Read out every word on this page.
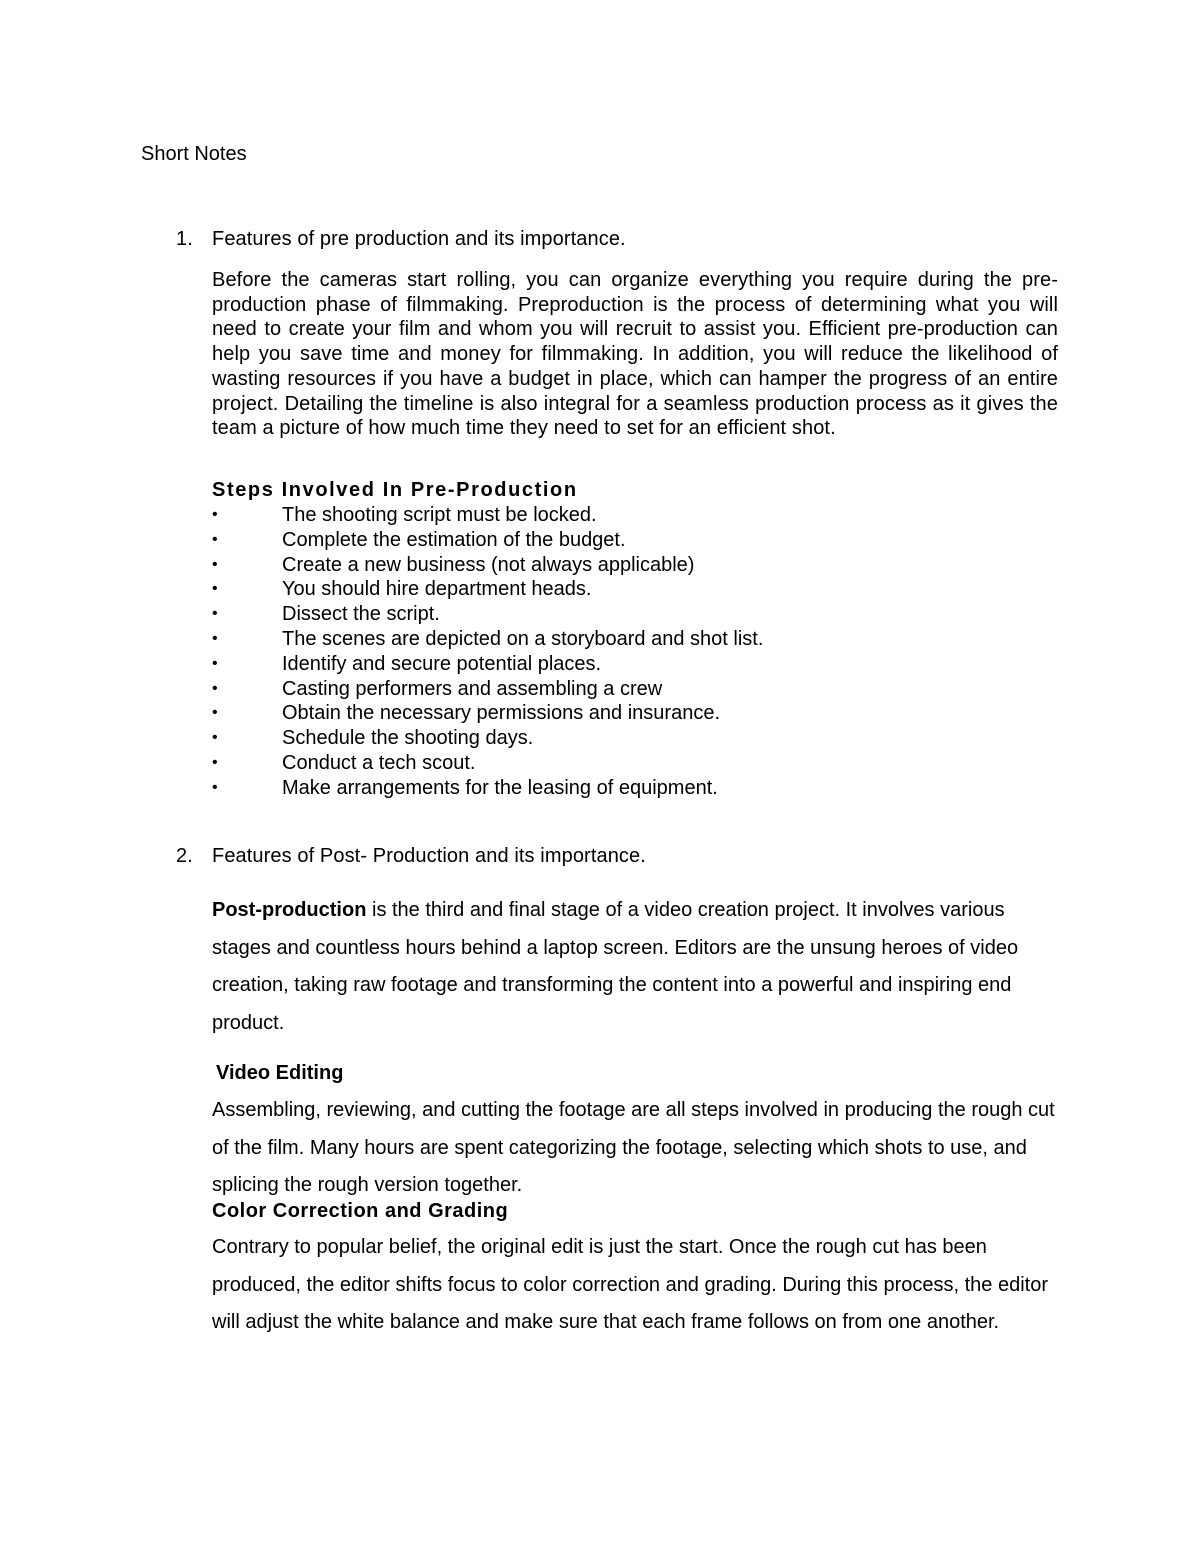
Short Notes
1. Features of pre production and its importance.
Before the cameras start rolling, you can organize everything you require during the pre-production phase of filmmaking. Preproduction is the process of determining what you will need to create your film and whom you will recruit to assist you. Efficient pre-production can help you save time and money for filmmaking. In addition, you will reduce the likelihood of wasting resources if you have a budget in place, which can hamper the progress of an entire project. Detailing the timeline is also integral for a seamless production process as it gives the team a picture of how much time they need to set for an efficient shot.
Steps Involved In Pre-Production
•	The shooting script must be locked.
•	Complete the estimation of the budget.
•	Create a new business (not always applicable)
•	You should hire department heads.
•	Dissect the script.
•	The scenes are depicted on a storyboard and shot list.
•	Identify and secure potential places.
•	Casting performers and assembling a crew
•	Obtain the necessary permissions and insurance.
•	Schedule the shooting days.
•	Conduct a tech scout.
•	Make arrangements for the leasing of equipment.
2. Features of Post- Production and its importance.
Post-production is the third and final stage of a video creation project. It involves various stages and countless hours behind a laptop screen. Editors are the unsung heroes of video creation, taking raw footage and transforming the content into a powerful and inspiring end product.
Video Editing
Assembling, reviewing, and cutting the footage are all steps involved in producing the rough cut of the film. Many hours are spent categorizing the footage, selecting which shots to use, and splicing the rough version together.
Color Correction and Grading
Contrary to popular belief, the original edit is just the start. Once the rough cut has been produced, the editor shifts focus to color correction and grading. During this process, the editor will adjust the white balance and make sure that each frame follows on from one another.
